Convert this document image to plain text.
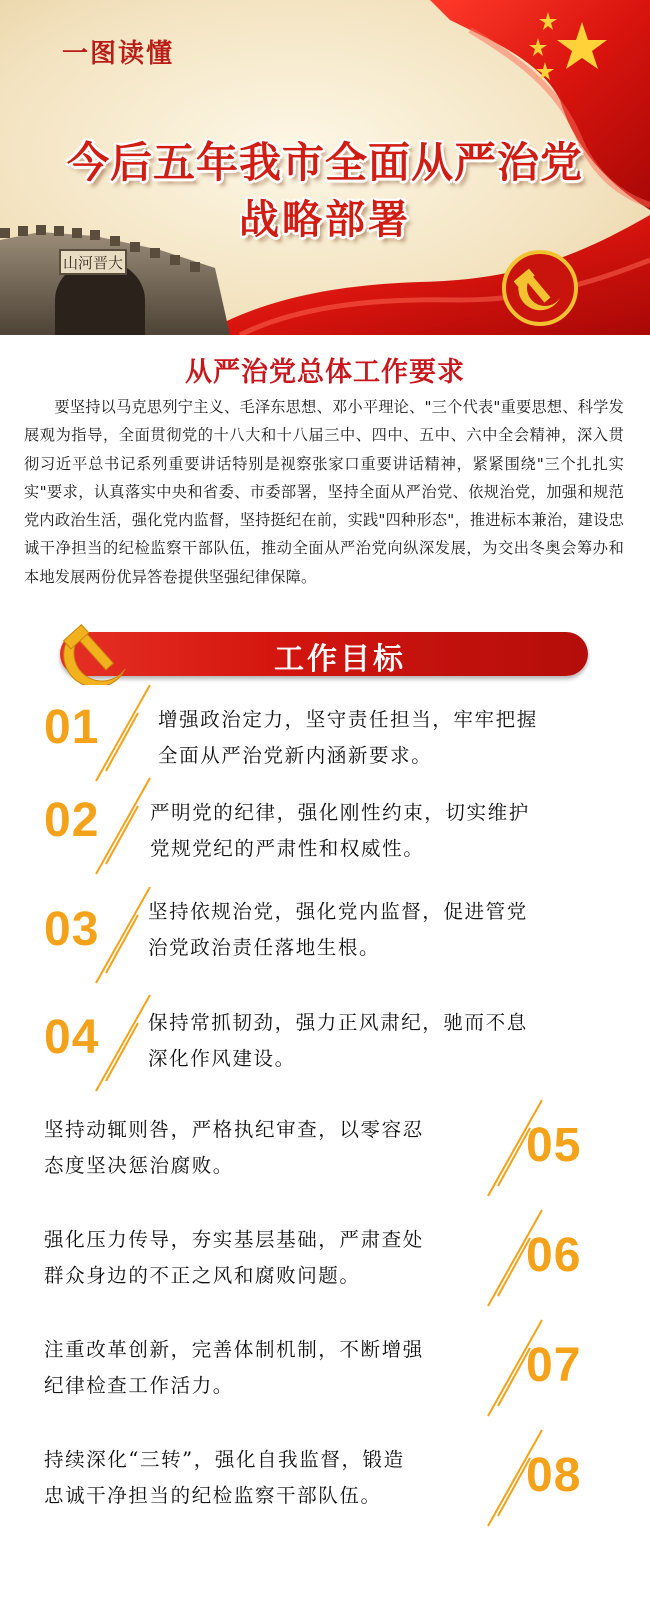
山河晋大
一图读懂
今后五年我市全面从严治党
战略部署
从严治党总体工作要求
要坚持以马克思列宁主义、毛泽东思想、邓小平理论、"三个代表"重要思想、科学发展观为指导，全面贯彻党的十八大和十八届三中、四中、五中、六中全会精神，深入贯彻习近平总书记系列重要讲话特别是视察张家口重要讲话精神，紧紧围绕"三个扎扎实实"要求，认真落实中央和省委、市委部署，坚持全面从严治党、依规治党，加强和规范党内政治生活，强化党内监督，坚持挺纪在前，实践"四种形态"，推进标本兼治，建设忠诚干净担当的纪检监察干部队伍，推动全面从严治党向纵深发展，为交出冬奥会筹办和本地发展两份优异答卷提供坚强纪律保障。
工作目标
01	增强政治定力，坚守责任担当，牢牢把握
全面从严治党新内涵新要求。
02	严明党的纪律，强化刚性约束，切实维护
党规党纪的严肃性和权威性。
03 坚持依规治党，强化党内监督，促进管党
治党政治责任落地生根。
04 保持常抓韧劲，强力正风肃纪，驰而不息
深化作风建设。
坚持动辄则咎，严格执纪审查，以零容忍
态度坚决惩治腐败。	05
强化压力传导，夯实基层基础，严肃查处
群众身边的不正之风和腐败问题。	06
注重改革创新，完善体制机制，不断增强
纪律检查工作活力。	07
持续深化“三转”，强化自我监督，锻造
忠诚干净担当的纪检监察干部队伍。	08
